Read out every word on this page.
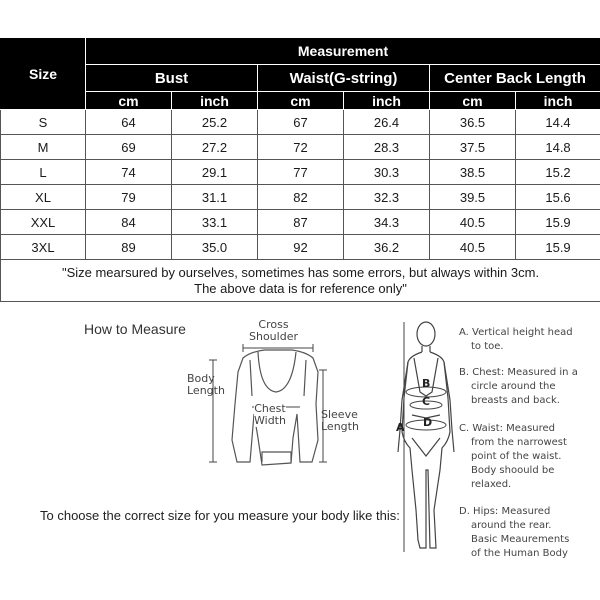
Size	Measurement					
	Bust		Waist(G-string)		Center Back Length	
	cm	inch	cm	inch	cm	inch
S	64	25.2	67	26.4	36.5	14.4
M	69	27.2	72	28.3	37.5	14.8
L	74	29.1	77	30.3	38.5	15.2
XL	79	31.1	82	32.3	39.5	15.6
XXL	84	33.1	87	34.3	40.5	15.9
3XL	89	35.0	92	36.2	40.5	15.9
"Size mearsured by ourselves, sometimes has some errors, but always within 3cm.
The above data is for reference only"						
How to Measure	Cross
Shoulder
Body
Length
Chest
Width	Sleeve
Length
To choose the correct size for you measure your body like this:
A
B
C
D
A. Vertical height head
to toe.
B. Chest: Measured in a
circle around the
breasts and back.
C. Waist: Measured
from the narrowest
point of the waist.
Body shoould be
relaxed.
D. Hips: Measured
around the rear.
Basic Meaurements
of the Human Body
